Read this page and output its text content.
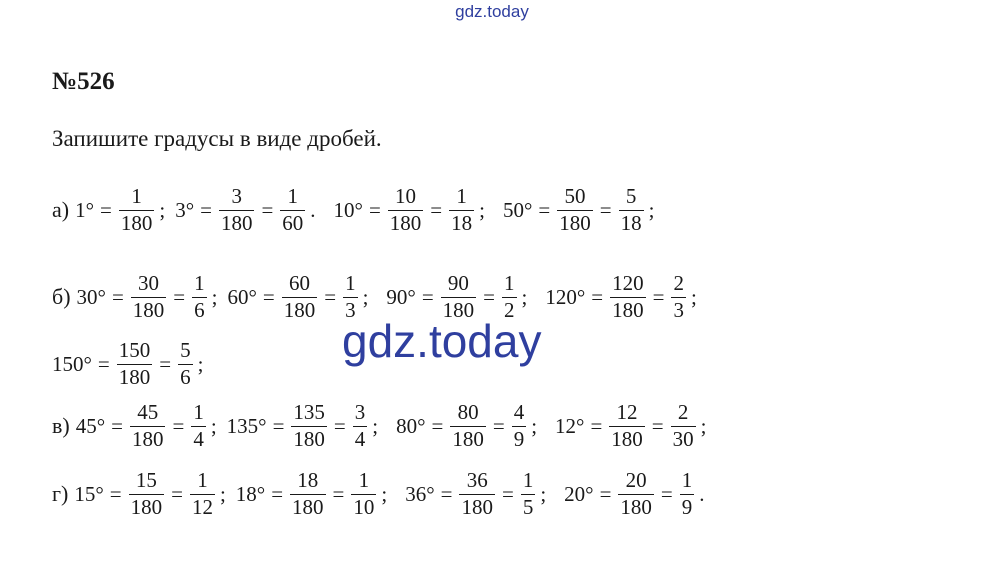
gdz.today
№526
Запишите градусы в виде дробей.
а) $1^\circ = \frac{1}{180}$ ; $3^\circ = \frac{3}{180} = \frac{1}{60}$ . $10^\circ = \frac{10}{180} = \frac{1}{18}$ ; $50^\circ = \frac{50}{180} = \frac{5}{18}$ ;
б) $30^\circ = \frac{30}{180} = \frac{1}{6}$ ; $60^\circ = \frac{60}{180} = \frac{1}{3}$ ; $90^\circ = \frac{90}{180} = \frac{1}{2}$ ; $120^\circ = \frac{120}{180} = \frac{2}{3}$ ;
$150^\circ = \frac{150}{180} = \frac{5}{6}$ ;
в) $45^\circ = \frac{45}{180} = \frac{1}{4}$ ; $135^\circ = \frac{135}{180} = \frac{3}{4}$ ; $80^\circ = \frac{80}{180} = \frac{4}{9}$ ; $12^\circ = \frac{12}{180} = \frac{2}{30}$ ;
г) $15^\circ = \frac{15}{180} = \frac{1}{12}$ ; $18^\circ = \frac{18}{180} = \frac{1}{10}$ ; $36^\circ = \frac{36}{180} = \frac{1}{5}$ ; $20^\circ = \frac{20}{180} = \frac{1}{9}$ .
gdz.today
